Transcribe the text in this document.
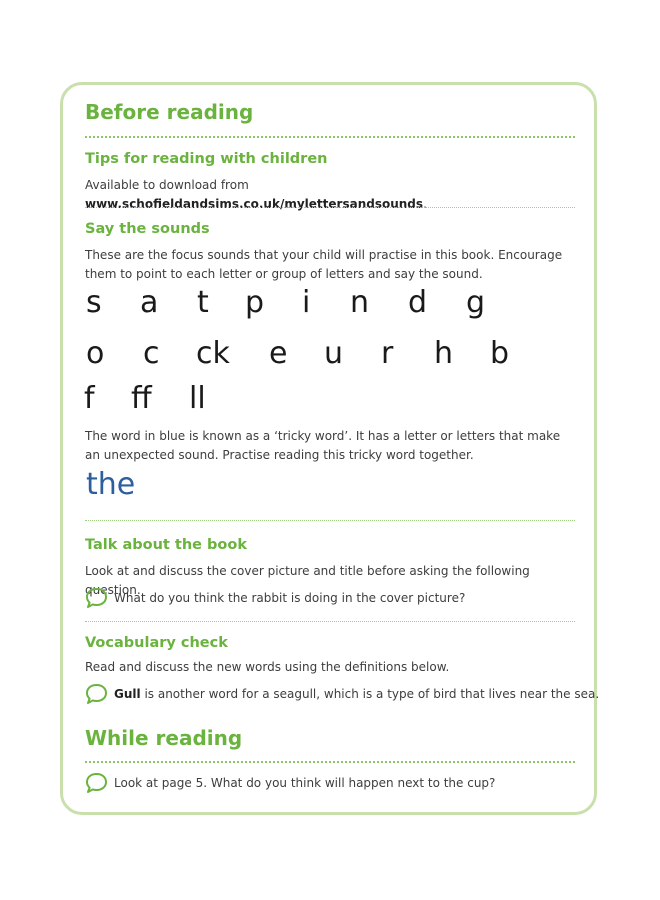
Before reading
Tips for reading with children

Available to download from www.schofieldandsims.co.uk/mylettersandsounds.

Say the sounds

These are the focus sounds that your child will practise in this book. Encourage them to point to each letter or group of letters and say the sound.

s a t p i n d g
o c ck e u r h b
f ff ll

The word in blue is known as a ‘tricky word’. It has a letter or letters that make an unexpected sound. Practise reading this tricky word together.

the
Talk about the book

Look at and discuss the cover picture and title before asking the following question.

What do you think the rabbit is doing in the cover picture?
Vocabulary check

Read and discuss the new words using the definitions below.

Gull is another word for a seagull, which is a type of bird that lives near the sea.
While reading
Look at page 5. What do you think will happen next to the cup?
